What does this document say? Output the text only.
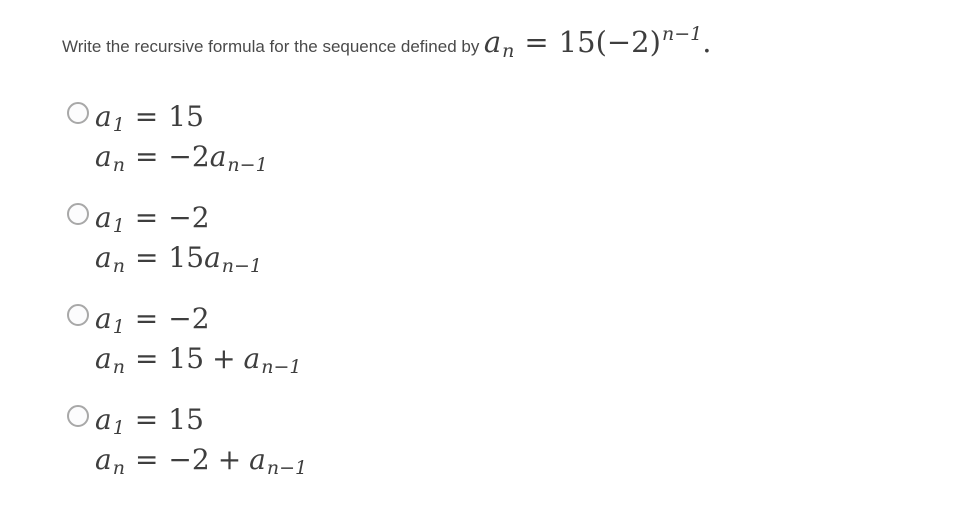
Write the recursive formula for the sequence defined by an = $15(-2)^{n-1}$.
a1 = 15
an = −2an−1
a1 = −2
an = 15an−1
a1 = −2
an = 15 + an−1
a1 = 15
an = −2 + an−1
